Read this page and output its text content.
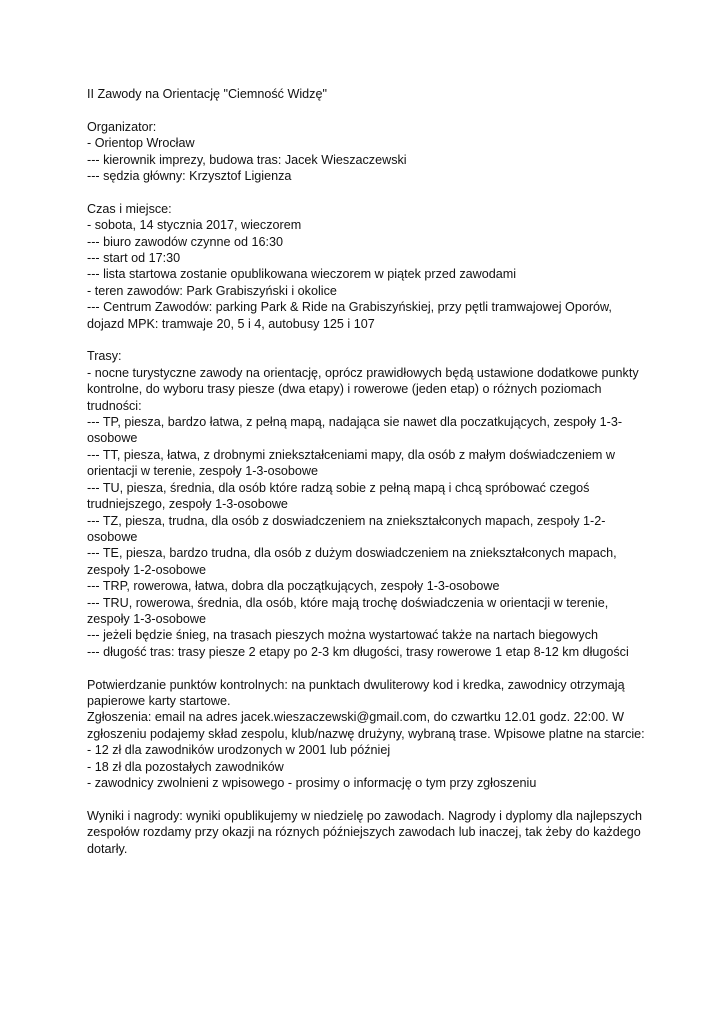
II Zawody na Orientację "Ciemność Widzę"
Organizator:
- Orientop Wrocław
--- kierownik imprezy, budowa tras: Jacek Wieszaczewski
--- sędzia główny: Krzysztof Ligienza
Czas i miejsce:
- sobota, 14 stycznia 2017, wieczorem
--- biuro zawodów czynne od 16:30
--- start od 17:30
--- lista startowa zostanie opublikowana wieczorem w piątek przed zawodami
- teren zawodów: Park Grabiszyński i okolice
--- Centrum Zawodów: parking Park & Ride na Grabiszyńskiej, przy pętli tramwajowej Oporów, dojazd MPK: tramwaje 20, 5 i 4, autobusy 125 i 107
Trasy:
- nocne turystyczne zawody na orientację, oprócz prawidłowych będą ustawione dodatkowe punkty kontrolne, do wyboru trasy piesze (dwa etapy) i rowerowe (jeden etap) o różnych poziomach trudności:
--- TP, piesza, bardzo łatwa, z pełną mapą, nadająca sie nawet dla poczatkujących, zespoły 1-3-osobowe
--- TT, piesza, łatwa, z drobnymi zniekształceniami mapy, dla osób z małym doświadczeniem w orientacji w terenie, zespoły 1-3-osobowe
--- TU, piesza, średnia, dla osób które radzą sobie z pełną mapą i chcą spróbować czegoś trudniejszego, zespoły 1-3-osobowe
--- TZ, piesza, trudna, dla osób z doswiadczeniem na zniekształconych mapach, zespoły 1-2-osobowe
--- TE, piesza, bardzo trudna, dla osób z dużym doswiadczeniem na zniekształconych mapach, zespoły 1-2-osobowe
--- TRP, rowerowa, łatwa, dobra dla początkujących, zespoły 1-3-osobowe
--- TRU, rowerowa, średnia, dla osób, które mają trochę doświadczenia w orientacji w terenie, zespoły 1-3-osobowe
--- jeżeli będzie śnieg, na trasach pieszych można wystartować także na nartach biegowych
--- długość tras: trasy piesze 2 etapy po 2-3 km długości, trasy rowerowe 1 etap 8-12 km długości
Potwierdzanie punktów kontrolnych: na punktach dwuliterowy kod i kredka, zawodnicy otrzymają papierowe karty startowe.
Zgłoszenia: email na adres jacek.wieszaczewski@gmail.com, do czwartku 12.01 godz. 22:00. W zgłoszeniu podajemy skład zespolu, klub/nazwę drużyny, wybraną trase. Wpisowe platne na starcie:
- 12 zł dla zawodników urodzonych w 2001 lub później
- 18 zł dla pozostałych zawodników
- zawodnicy zwolnieni z wpisowego - prosimy o informację o tym przy zgłoszeniu
Wyniki i nagrody: wyniki opublikujemy w niedzielę po zawodach. Nagrody i dyplomy dla najlepszych zespołów rozdamy przy okazji na róznych późniejszych zawodach lub inaczej, tak żeby do każdego dotarły.
